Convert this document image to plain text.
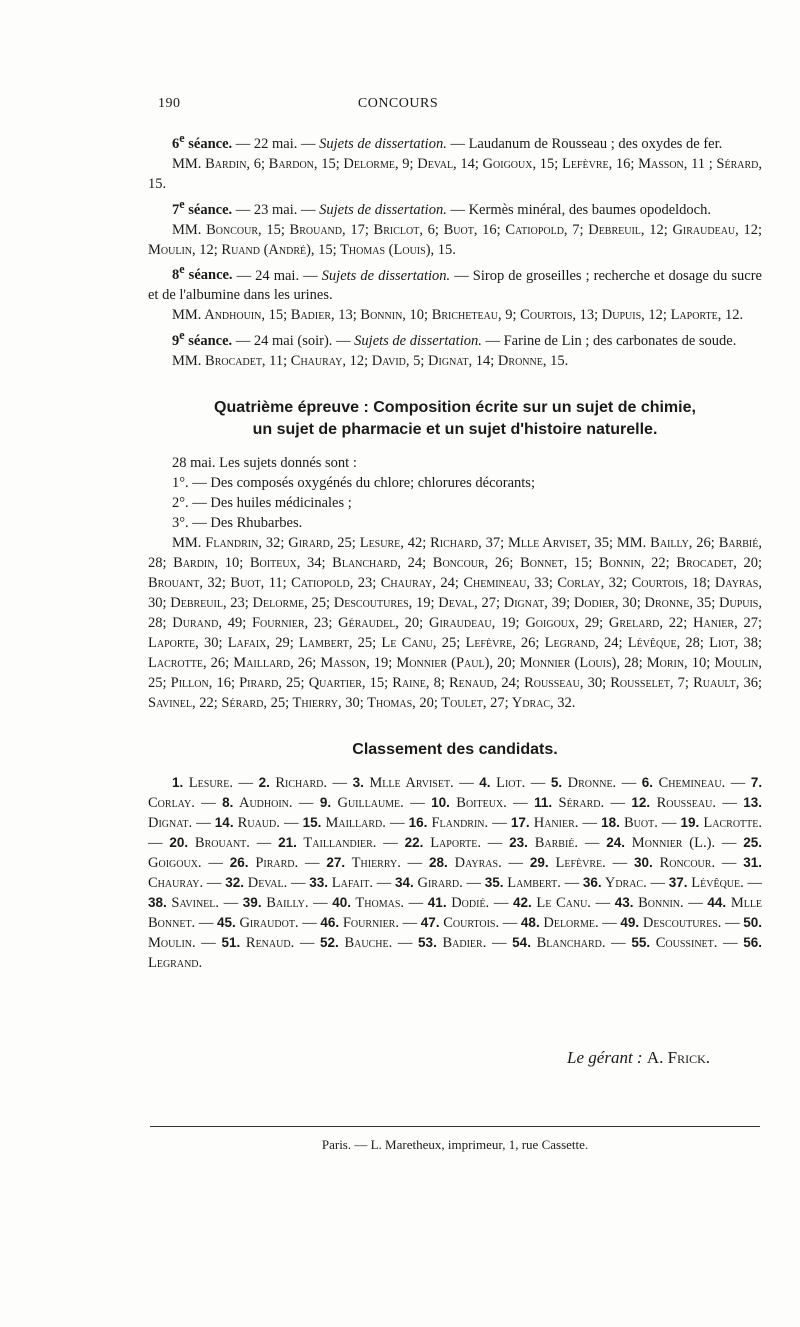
190	CONCOURS

6e séance. — 22 mai. — Sujets de dissertation. — Laudanum de Rousseau ; des oxydes de fer.

MM. Bardin, 6; Bardon, 15; Delorme, 9; Deval, 14; Goigoux, 15; Lefèvre, 16; Masson, 11 ; Sérard, 15.

7e séance. — 23 mai. — Sujets de dissertation. — Kermès minéral, des baumes opodeldoch.

MM. Boncour, 15; Brouand, 17; Briclot, 6; Buot, 16; Catiopold, 7; Debreuil, 12; Giraudeau, 12; Moulin, 12; Ruand (André), 15; Thomas (Louis), 15.

8e séance. — 24 mai. — Sujets de dissertation. — Sirop de groseilles ; recherche et dosage du sucre et de l'albumine dans les urines.

MM. Andhouin, 15; Badier, 13; Bonnin, 10; Bricheteau, 9; Courtois, 13; Dupuis, 12; Laporte, 12.

9e séance. — 24 mai (soir). — Sujets de dissertation. — Farine de Lin ; des carbonates de soude.

MM. Brocadet, 11; Chauray, 12; David, 5; Dignat, 14; Dronne, 15.

Quatrième épreuve : Composition écrite sur un sujet de chimie,
un sujet de pharmacie et un sujet d'histoire naturelle.

28 mai. Les sujets donnés sont :

1°. — Des composés oxygénés du chlore; chlorures décorants;

2°. — Des huiles médicinales ;

3°. — Des Rhubarbes.

MM. Flandrin, 32; Girard, 25; Lesure, 42; Richard, 37; Mlle Arviset, 35; MM. Bailly, 26; Barbié, 28; Bardin, 10; Boiteux, 34; Blanchard, 24; Boncour, 26; Bonnet, 15; Bonnin, 22; Brocadet, 20; Brouant, 32; Buot, 11; Catiopold, 23; Chauray, 24; Chemineau, 33; Corlay, 32; Courtois, 18; Dayras, 30; Debreuil, 23; Delorme, 25; Descoutures, 19; Deval, 27; Dignat, 39; Dodier, 30; Dronne, 35; Dupuis, 28; Durand, 49; Fournier, 23; Géraudel, 20; Giraudeau, 19; Goigoux, 29; Grelard, 22; Hanier, 27; Laporte, 30; Lafaix, 29; Lambert, 25; Le Canu, 25; Lefèvre, 26; Legrand, 24; Lévêque, 28; Liot, 38; Lacrotte, 26; Maillard, 26; Masson, 19; Monnier (Paul), 20; Monnier (Louis), 28; Morin, 10; Moulin, 25; Pillon, 16; Pirard, 25; Quartier, 15; Raine, 8; Renaud, 24; Rousseau, 30; Rousselet, 7; Ruault, 36; Savinel, 22; Sérard, 25; Thierry, 30; Thomas, 20; Toulet, 27; Ydrac, 32.

Classement des candidats.

1. Lesure. — 2. Richard. — 3. Mlle Arviset. — 4. Liot. — 5. Dronne. — 6. Chemineau. — 7. Corlay. — 8. Audhoin. — 9. Guillaume. — 10. Boiteux. — 11. Sérard. — 12. Rousseau. — 13. Dignat. — 14. Ruaud. — 15. Maillard. — 16. Flandrin. — 17. Hanier. — 18. Buot. — 19. Lacrotte. — 20. Brouant. — 21. Taillandier. — 22. Laporte. — 23. Barbié. — 24. Monnier (L.). — 25. Goigoux. — 26. Pirard. — 27. Thierry. — 28. Dayras. — 29. Lefèvre. — 30. Roncour. — 31. Chauray. — 32. Deval. — 33. Lafait. — 34. Girard. — 35. Lambert. — 36. Ydrac. — 37. Lévêque. — 38. Savinel. — 39. Bailly. — 40. Thomas. — 41. Dodié. — 42. Le Canu. — 43. Bonnin. — 44. Mlle Bonnet. — 45. Giraudot. — 46. Fournier. — 47. Courtois. — 48. Delorme. — 49. Descoutures. — 50. Moulin. — 51. Renaud. — 52. Bauche. — 53. Badier. — 54. Blanchard. — 55. Coussinet. — 56. Legrand.

Le gérant : A. Frick.
Paris. — L. Maretheux, imprimeur, 1, rue Cassette.
